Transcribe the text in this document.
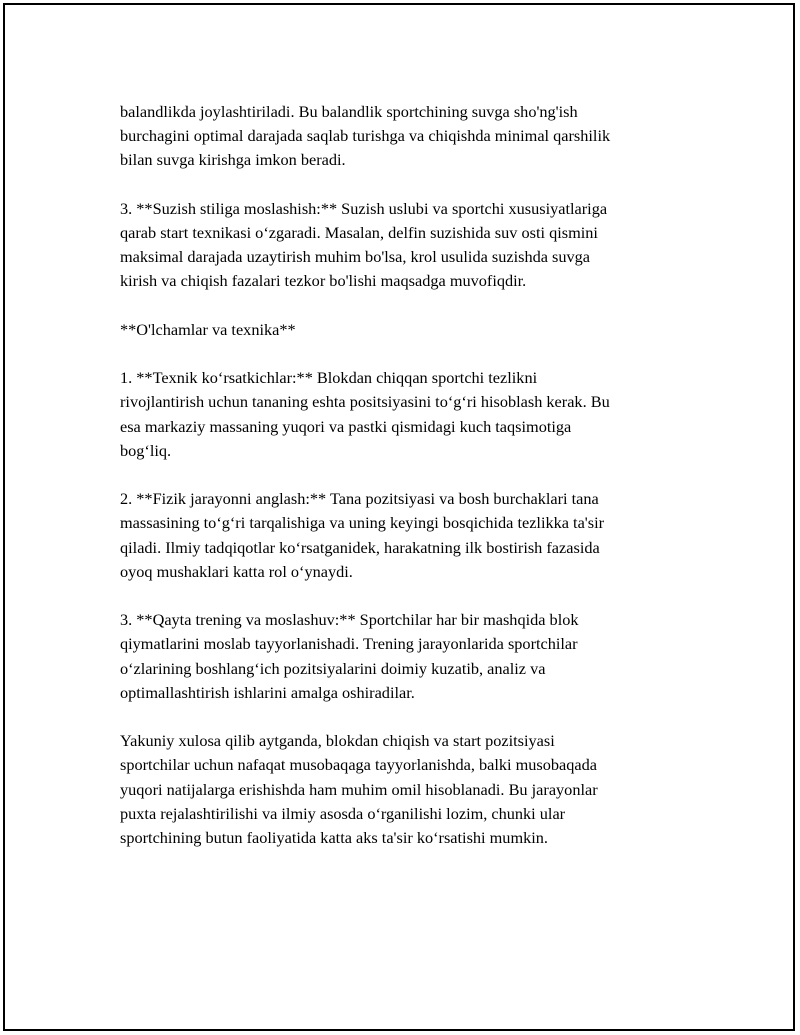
balandlikda joylashtiriladi. Bu balandlik sportchining suvga sho'ng'ish
burchagini optimal darajada saqlab turishga va chiqishda minimal qarshilik
bilan suvga kirishga imkon beradi.

3. **Suzish stiliga moslashish:** Suzish uslubi va sportchi xususiyatlariga
qarab start texnikasi o‘zgaradi. Masalan, delfin suzishida suv osti qismini
maksimal darajada uzaytirish muhim bo'lsa, krol usulida suzishda suvga
kirish va chiqish fazalari tezkor bo'lishi maqsadga muvofiqdir.

**O'lchamlar va texnika**

1. **Texnik ko‘rsatkichlar:** Blokdan chiqqan sportchi tezlikni
rivojlantirish uchun tananing eshta positsiyasini to‘g‘ri hisoblash kerak. Bu
esa markaziy massaning yuqori va pastki qismidagi kuch taqsimotiga
bog‘liq.

2. **Fizik jarayonni anglash:** Tana pozitsiyasi va bosh burchaklari tana
massasining to‘g‘ri tarqalishiga va uning keyingi bosqichida tezlikka ta'sir
qiladi. Ilmiy tadqiqotlar ko‘rsatganidek, harakatning ilk bostirish fazasida
oyoq mushaklari katta rol o‘ynaydi.

3. **Qayta trening va moslashuv:** Sportchilar har bir mashqida blok
qiymatlarini moslab tayyorlanishadi. Trening jarayonlarida sportchilar
o‘zlarining boshlang‘ich pozitsiyalarini doimiy kuzatib, analiz va
optimallashtirish ishlarini amalga oshiradilar.

Yakuniy xulosa qilib aytganda, blokdan chiqish va start pozitsiyasi
sportchilar uchun nafaqat musobaqaga tayyorlanishda, balki musobaqada
yuqori natijalarga erishishda ham muhim omil hisoblanadi. Bu jarayonlar
puxta rejalashtirilishi va ilmiy asosda o‘rganilishi lozim, chunki ular
sportchining butun faoliyatida katta aks ta'sir ko‘rsatishi mumkin.
